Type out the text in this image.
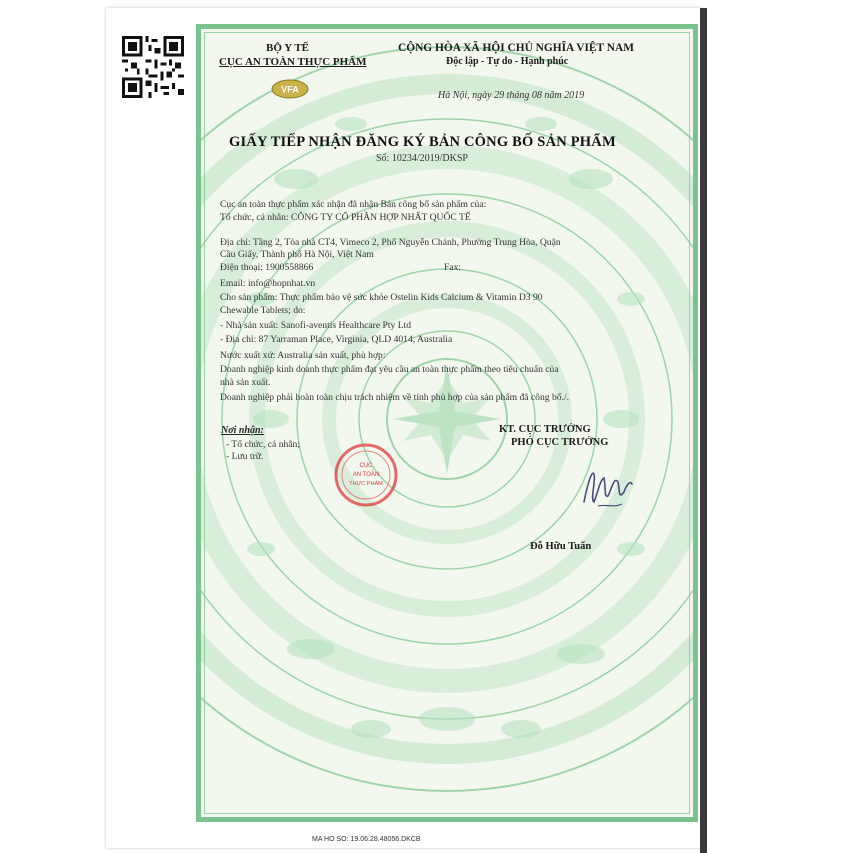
VFA
BỘ Y TẾ
CỤC AN TOÀN THỰC PHẨM
CỘNG HÒA XÃ HỘI CHỦ NGHĨA VIỆT NAM
Độc lập - Tự do - Hạnh phúc
Hà Nội, ngày 29 tháng 08 năm 2019
GIẤY TIẾP NHẬN ĐĂNG KÝ BẢN CÔNG BỐ SẢN PHẨM
Số: 10234/2019/DKSP
Cục an toàn thực phẩm xác nhận đã nhận Bản công bố sản phẩm của:
Tổ chức, cá nhân: CÔNG TY CỔ PHẦN HỢP NHẤT QUỐC TẾ
Địa chỉ: Tầng 2, Tòa nhà CT4, Vimeco 2, Phố Nguyễn Chánh, Phường Trung Hòa, Quận
Cầu Giấy, Thành phố Hà Nội, Việt Nam
Điện thoại: 1900558866	Fax:
Email: info@hopnhat.vn
Cho sản phẩm: Thực phẩm bảo vệ sức khỏe Ostelin Kids Calcium & Vitamin D3 90
Chewable Tablets; do:
- Nhà sản xuất: Sanofi-aventis Healthcare Pty Ltd
- Địa chỉ: 87 Yarraman Place, Virginia, QLD 4014, Australia
Nước xuất xứ: Australia sản xuất, phù hợp:
Doanh nghiệp kinh doanh thực phẩm đạt yêu cầu an toàn thực phẩm theo tiêu chuẩn của
nhà sản xuất.
Doanh nghiệp phải hoàn toàn chịu trách nhiệm về tính phù hợp của sản phẩm đã công bố./.
Nơi nhận:
- Tổ chức, cá nhân;
- Lưu trữ.
KT. CỤC TRƯỞNG
PHÓ CỤC TRƯỞNG
CỤC
AN TOÀN
THỰC PHẨM
Đỗ Hữu Tuấn
MA HO SO: 19.06.28.48056.DKCB
